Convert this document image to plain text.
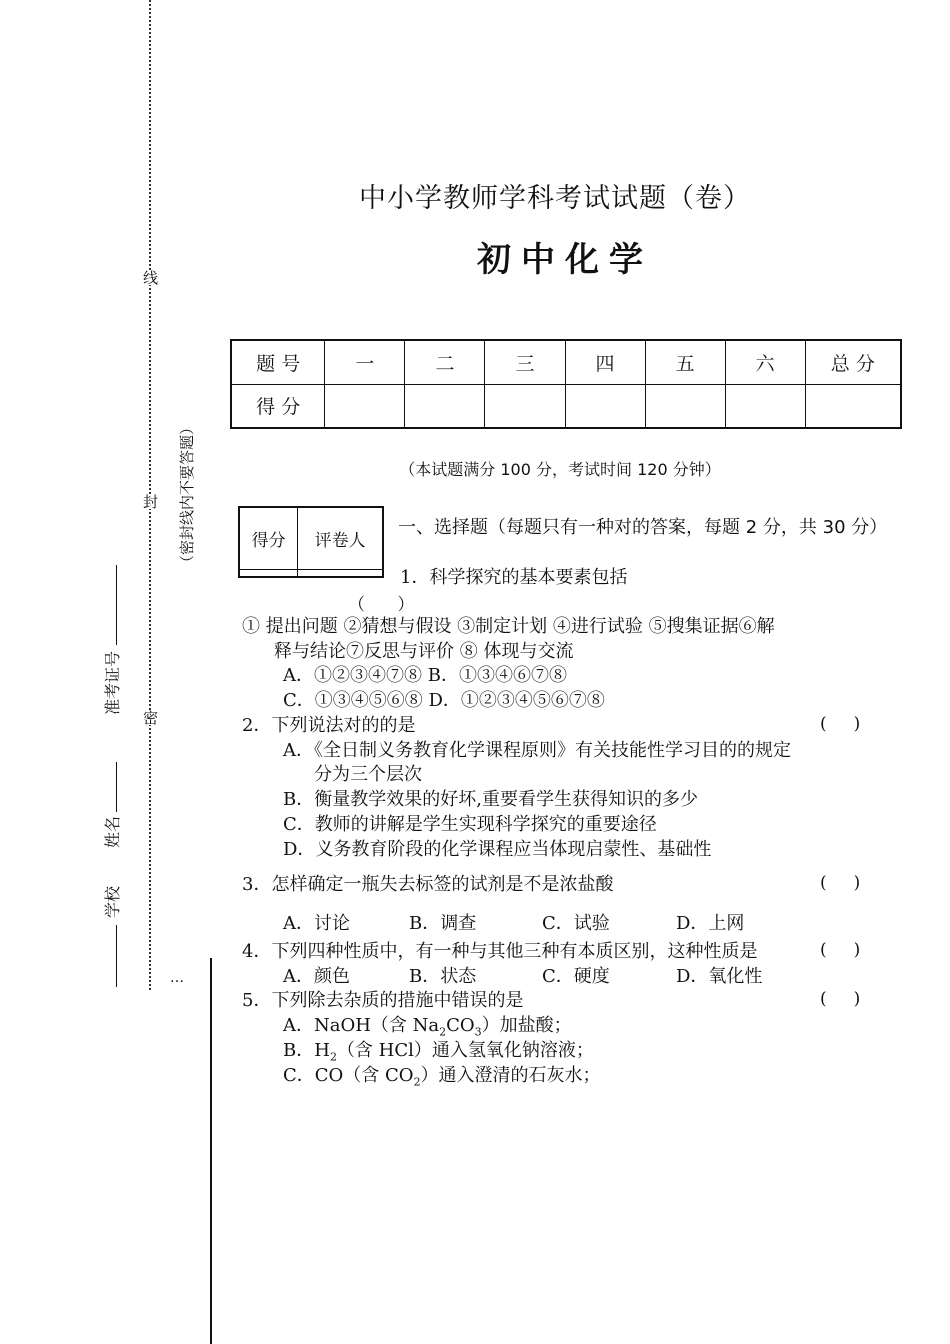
线
封
密
（密封线内不要答题）
…
准考证号
姓名
学校
中小学教师学科考试试题（卷）
初中化学
题 号	一	二	三	四	五	六	总 分
得 分							
（本试题满分 100 分，考试时间 120 分钟）
得分	评卷人

一、选择题（每题只有一种对的答案，每题 2 分，共 30 分）
1．科学探究的基本要素包括
（      ）
① 提出问题 ②猜想与假设 ③制定计划 ④进行试验 ⑤搜集证据⑥解
释与结论⑦反思与评价 ⑧ 体现与交流
A．①②③④⑦⑧ B．①③④⑥⑦⑧
C．①③④⑤⑥⑧ D．①②③④⑤⑥⑦⑧
2．下列说法对的的是	(     )
A．《全日制义务教育化学课程原则》有关技能性学习目的的规定
分为三个层次
B．衡量教学效果的好坏,重要看学生获得知识的多少
C．教师的讲解是学生实现科学探究的重要途径
D．义务教育阶段的化学课程应当体现启蒙性、基础性
3．怎样确定一瓶失去标签的试剂是不是浓盐酸	(     )
A．讨论	B．调查	C．试验	D．上网
4．下列四种性质中，有一种与其他三种有本质区别，这种性质是	(     )
A．颜色	B．状态	C．硬度	D．氧化性
5．下列除去杂质的措施中错误的是	(     )
A．NaOH（含 $Na_2CO_3$）加盐酸；
B．$H_2$（含 HCl）通入氢氧化钠溶液；
C．CO（含 $CO_2$）通入澄清的石灰水；
